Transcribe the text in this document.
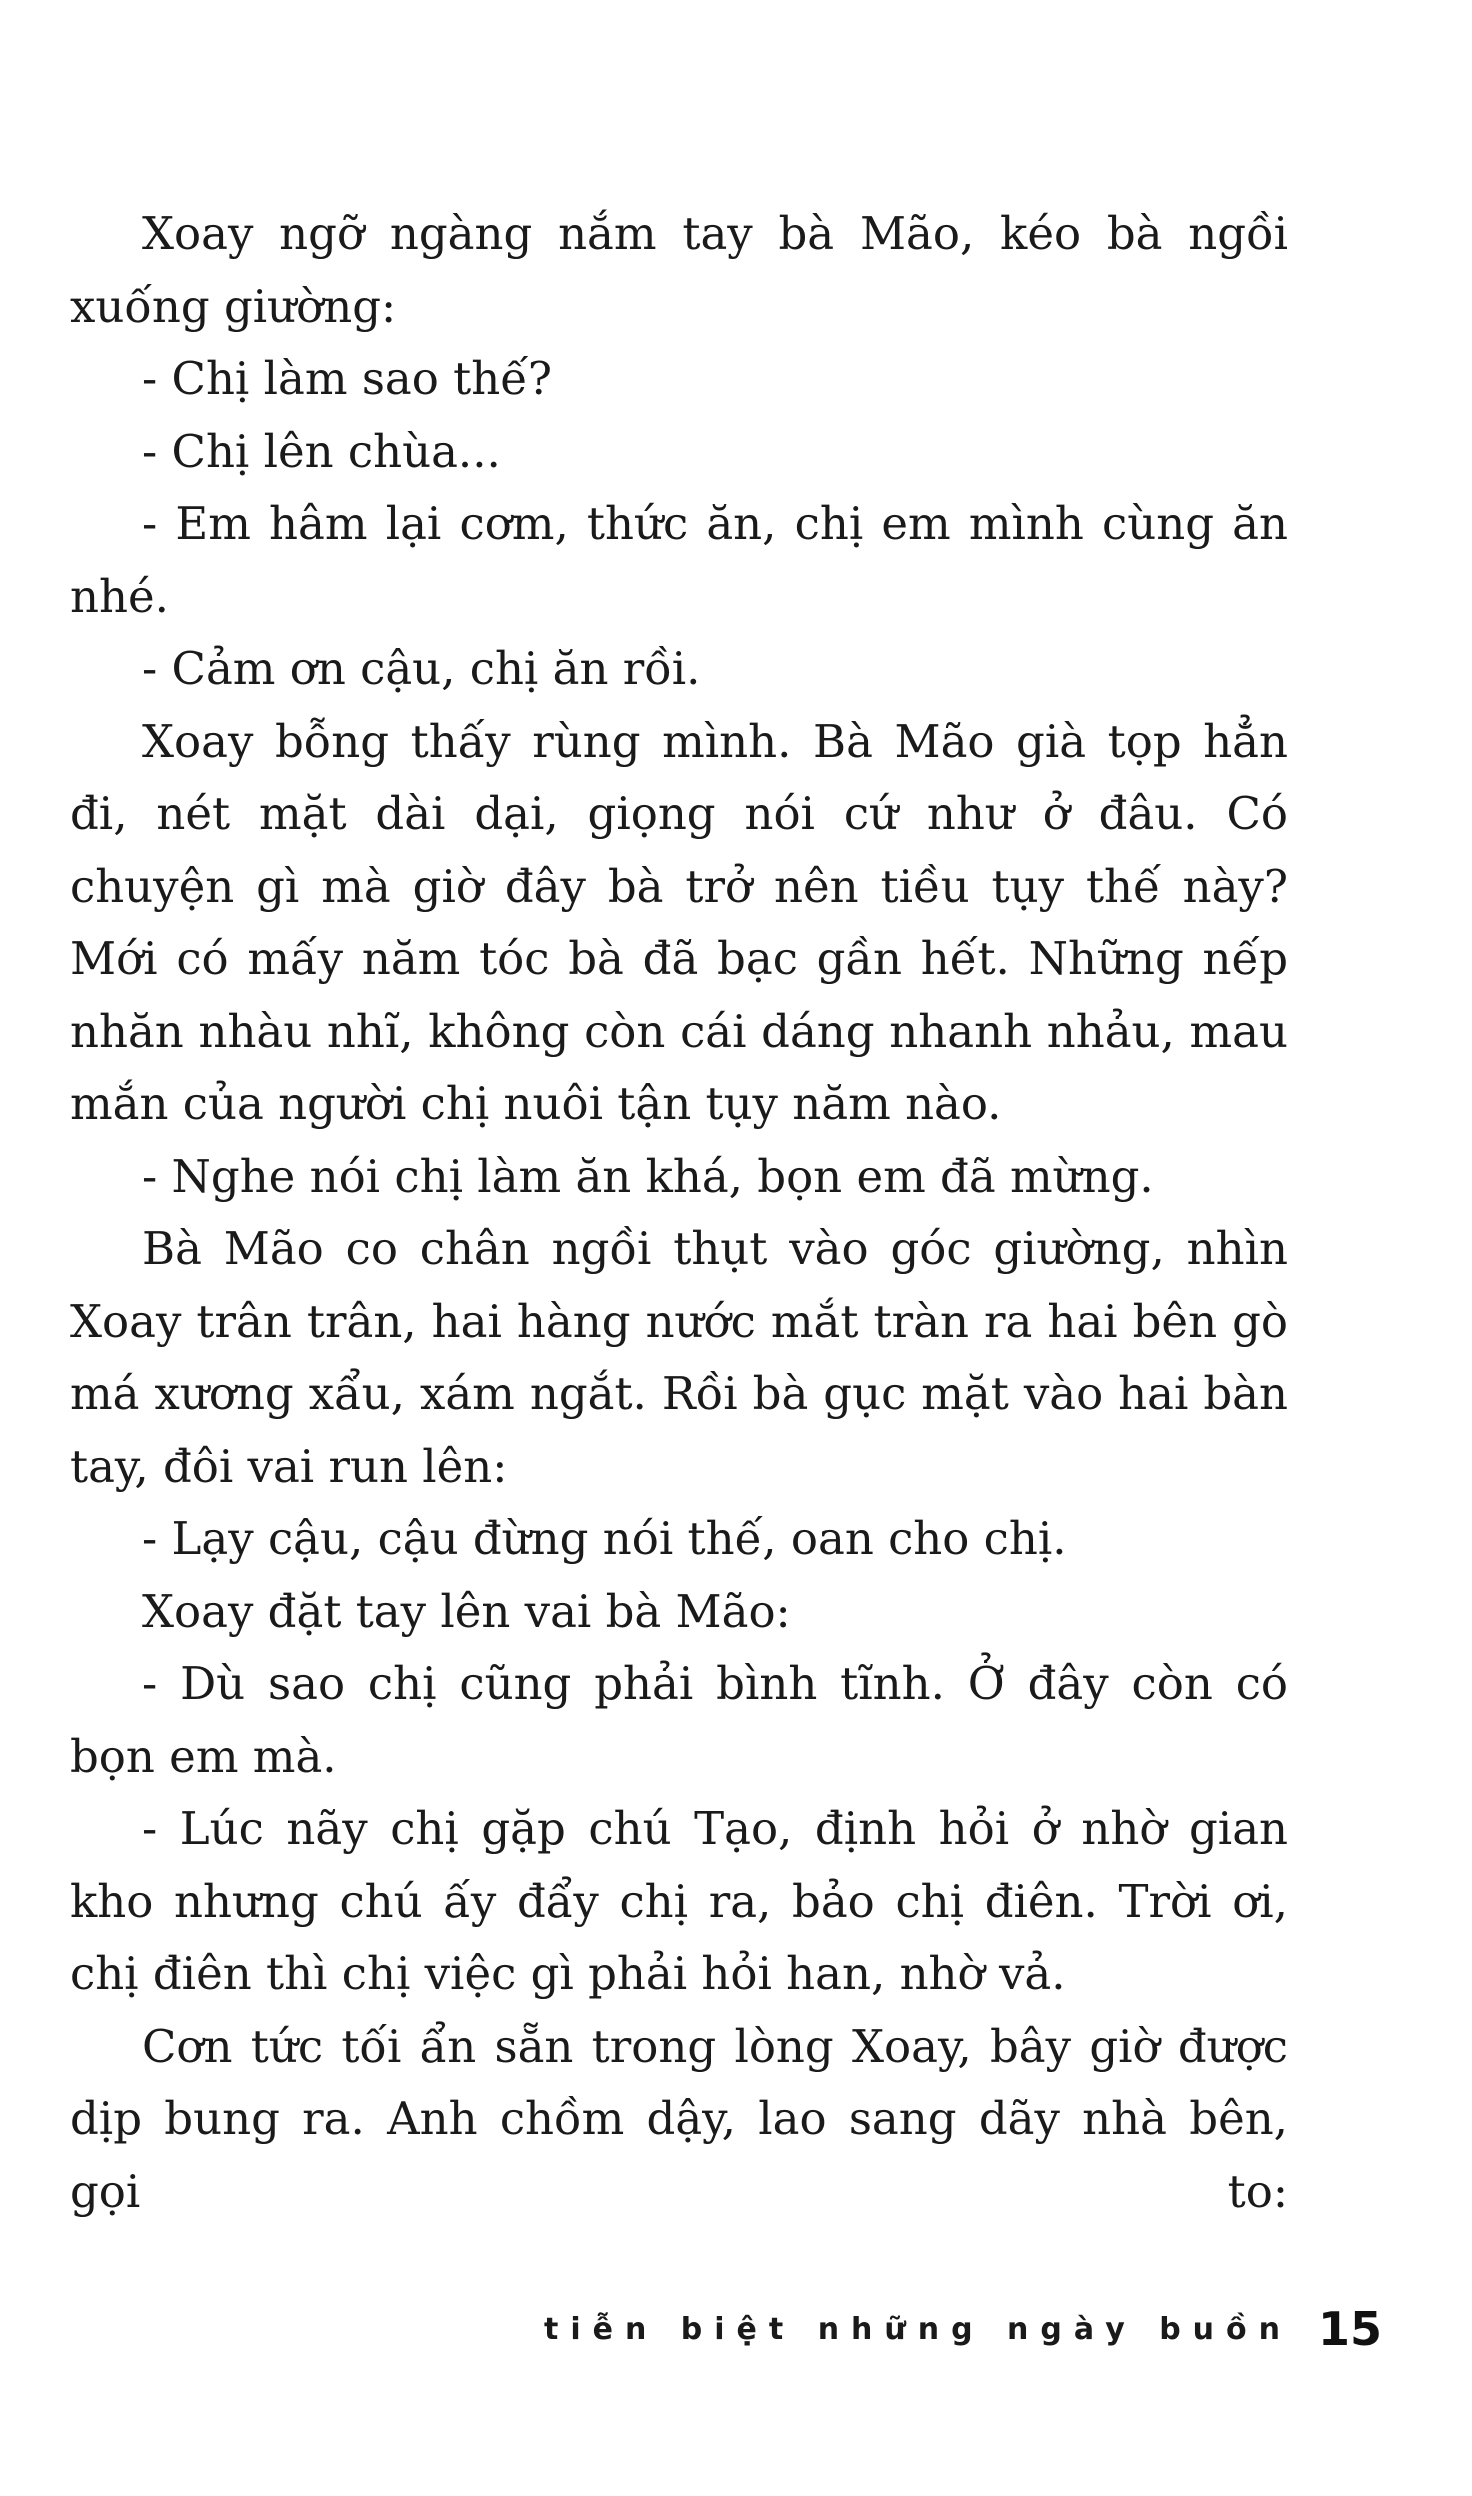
Xoay ngỡ ngàng nắm tay bà Mão, kéo bà ngồi xuống giường:

- Chị làm sao thế?

- Chị lên chùa...

- Em hâm lại cơm, thức ăn, chị em mình cùng ăn nhé.

- Cảm ơn cậu, chị ăn rồi.

Xoay bỗng thấy rùng mình. Bà Mão già tọp hẳn đi, nét mặt dài dại, giọng nói cứ như ở đâu. Có chuyện gì mà giờ đây bà trở nên tiều tụy thế này? Mới có mấy năm tóc bà đã bạc gần hết. Những nếp nhăn nhàu nhĩ, không còn cái dáng nhanh nhảu, mau mắn của người chị nuôi tận tụy năm nào.

- Nghe nói chị làm ăn khá, bọn em đã mừng.

Bà Mão co chân ngồi thụt vào góc giường, nhìn Xoay trân trân, hai hàng nước mắt tràn ra hai bên gò má xương xẩu, xám ngắt. Rồi bà gục mặt vào hai bàn tay, đôi vai run lên:

- Lạy cậu, cậu đừng nói thế, oan cho chị.

Xoay đặt tay lên vai bà Mão:

- Dù sao chị cũng phải bình tĩnh. Ở đây còn có bọn em mà.

- Lúc nãy chị gặp chú Tạo, định hỏi ở nhờ gian kho nhưng chú ấy đẩy chị ra, bảo chị điên. Trời ơi, chị điên thì chị việc gì phải hỏi han, nhờ vả.

Cơn tức tối ẩn sẵn trong lòng Xoay, bây giờ được dịp bung ra. Anh chồm dậy, lao sang dãy nhà bên, gọi to:

tiễn biệt những ngày buồn 15
